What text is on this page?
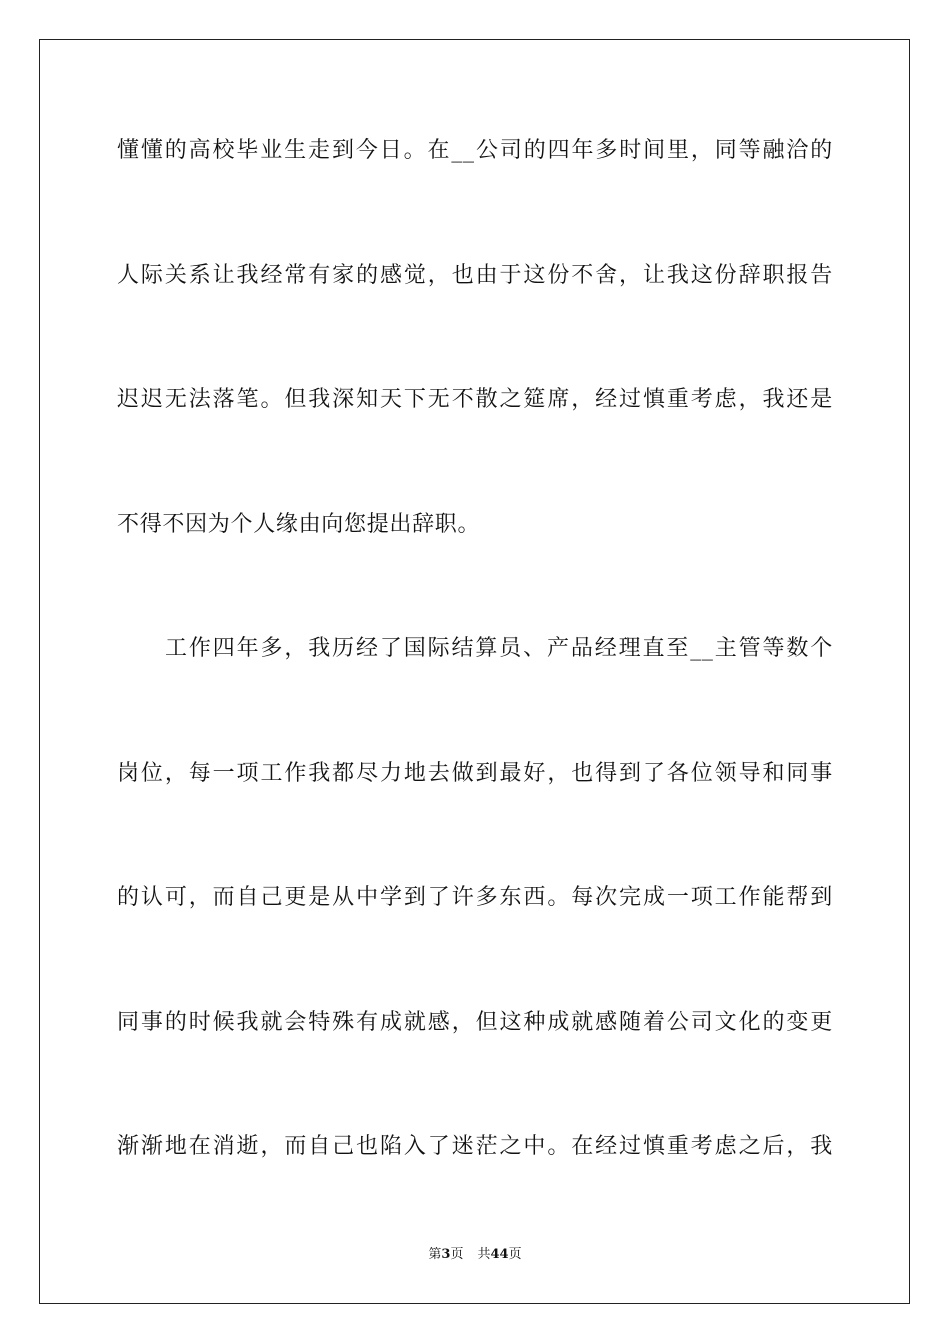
懂懂的高校毕业生走到今日。在__公司的四年多时间里，同等融洽的
人际关系让我经常有家的感觉，也由于这份不舍，让我这份辞职报告
迟迟无法落笔。但我深知天下无不散之筵席，经过慎重考虑，我还是
不得不因为个人缘由向您提出辞职。
工作四年多，我历经了国际结算员、产品经理直至__主管等数个
岗位，每一项工作我都尽力地去做到最好，也得到了各位领导和同事
的认可，而自己更是从中学到了许多东西。每次完成一项工作能帮到
同事的时候我就会特殊有成就感，但这种成就感随着公司文化的变更
渐渐地在消逝，而自己也陷入了迷茫之中。在经过慎重考虑之后，我
第3页 共44页
